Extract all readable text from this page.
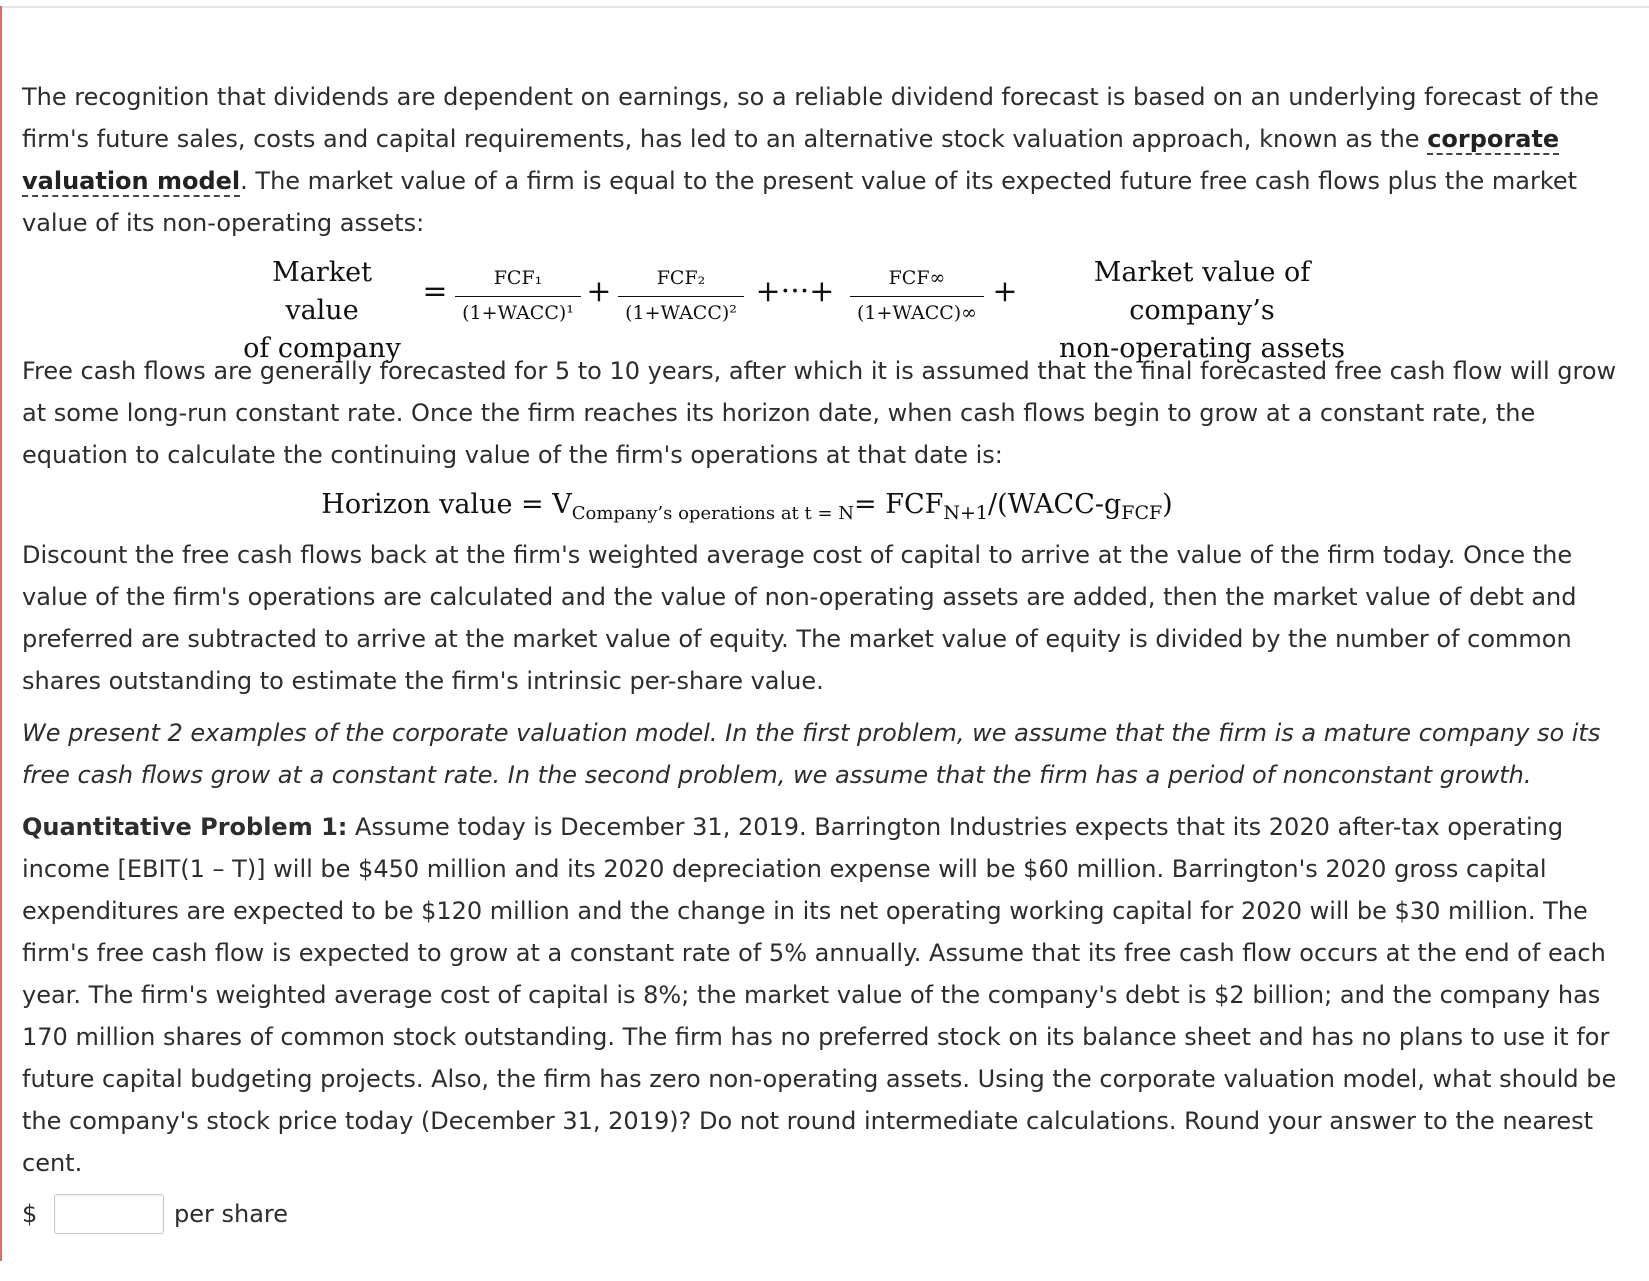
The recognition that dividends are dependent on earnings, so a reliable dividend forecast is based on an underlying forecast of the firm's future sales, costs and capital requirements, has led to an alternative stock valuation approach, known as the corporate valuation model. The market value of a firm is equal to the present value of its expected future free cash flows plus the market value of its non-operating assets:

Market value
of company
=	FCF₁
(1+WACC)¹
+	FCF₂
(1+WACC)²
+···+	FCF∞
(1+WACC)∞
+
Market value of company’s
non-operating assets

Free cash flows are generally forecasted for 5 to 10 years, after which it is assumed that the final forecasted free cash flow will grow at some long-run constant rate. Once the firm reaches its horizon date, when cash flows begin to grow at a constant rate, the equation to calculate the continuing value of the firm's operations at that date is:

Horizon value = $V_{Company’s operations at t = N}=$ $FCF_{N+1}/(WACC-g_{FCF})$

Discount the free cash flows back at the firm's weighted average cost of capital to arrive at the value of the firm today. Once the value of the firm's operations are calculated and the value of non-operating assets are added, then the market value of debt and preferred are subtracted to arrive at the market value of equity. The market value of equity is divided by the number of common shares outstanding to estimate the firm's intrinsic per-share value.

We present 2 examples of the corporate valuation model. In the first problem, we assume that the firm is a mature company so its free cash flows grow at a constant rate. In the second problem, we assume that the firm has a period of nonconstant growth.

Quantitative Problem 1: Assume today is December 31, 2019. Barrington Industries expects that its 2020 after-tax operating income [EBIT(1 – T)] will be $450 million and its 2020 depreciation expense will be $60 million. Barrington's 2020 gross capital expenditures are expected to be $120 million and the change in its net operating working capital for 2020 will be $30 million. The firm's free cash flow is expected to grow at a constant rate of 5% annually. Assume that its free cash flow occurs at the end of each year. The firm's weighted average cost of capital is 8%; the market value of the company's debt is $2 billion; and the company has 170 million shares of common stock outstanding. The firm has no preferred stock on its balance sheet and has no plans to use it for future capital budgeting projects. Also, the firm has zero non-operating assets. Using the corporate valuation model, what should be the company's stock price today (December 31, 2019)? Do not round intermediate calculations. Round your answer to the nearest cent.

$	per share
